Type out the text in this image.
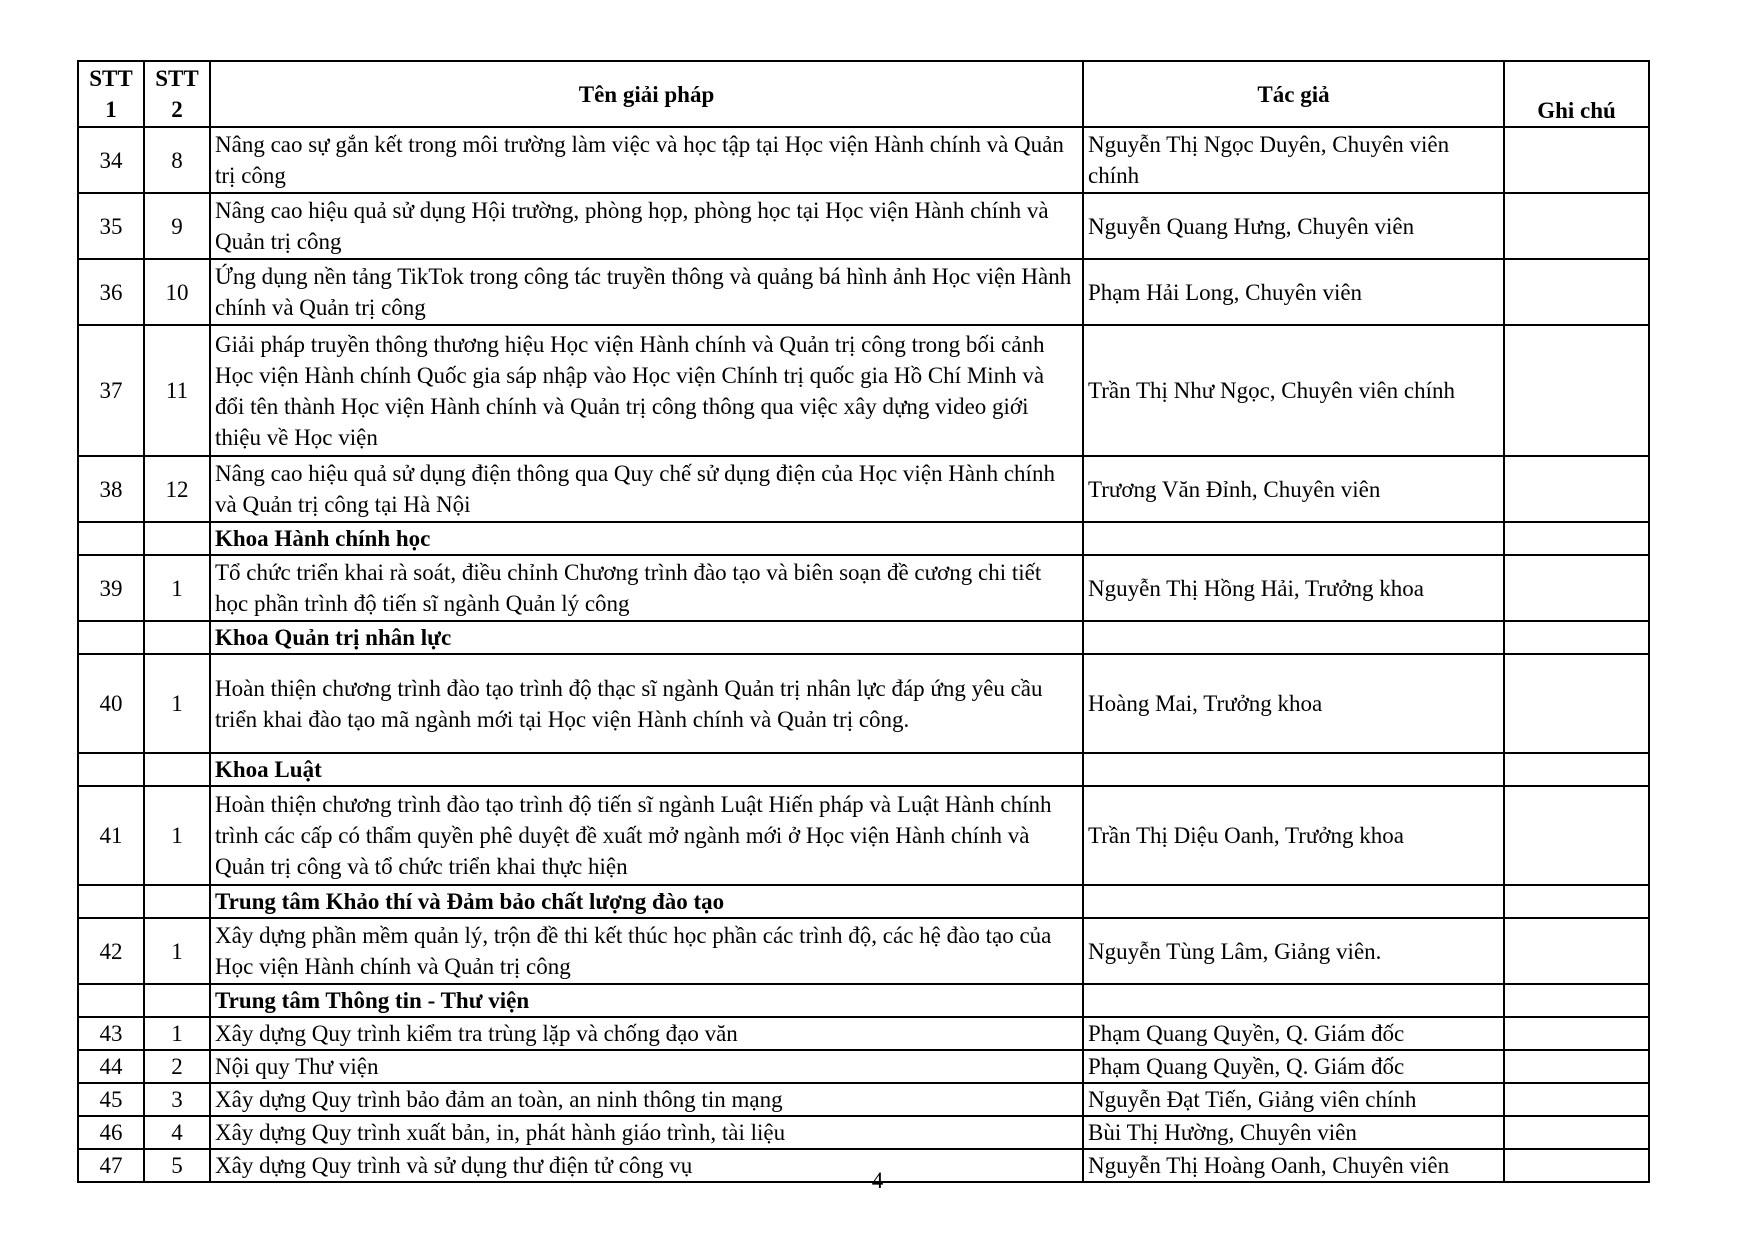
STT 1	STT 2	Tên giải pháp	Tác giả	Ghi chú
34	8	Nâng cao sự gắn kết trong môi trường làm việc và học tập tại Học viện Hành chính và Quản trị công	Nguyễn Thị Ngọc Duyên, Chuyên viên chính	
35	9	Nâng cao hiệu quả sử dụng Hội trường, phòng họp, phòng học tại Học viện Hành chính và Quản trị công	Nguyễn Quang Hưng, Chuyên viên	
36	10	Ứng dụng nền tảng TikTok trong công tác truyền thông và quảng bá hình ảnh Học viện Hành chính và Quản trị công	Phạm Hải Long, Chuyên viên	
37	11	Giải pháp truyền thông thương hiệu Học viện Hành chính và Quản trị công trong bối cảnh Học viện Hành chính Quốc gia sáp nhập vào Học viện Chính trị quốc gia Hồ Chí Minh và đổi tên thành Học viện Hành chính và Quản trị công thông qua việc xây dựng video giới thiệu về Học viện	Trần Thị Như Ngọc, Chuyên viên chính	
38	12	Nâng cao hiệu quả sử dụng điện thông qua Quy chế sử dụng điện của Học viện Hành chính và Quản trị công tại Hà Nội	Trương Văn Đỉnh, Chuyên viên	
		Khoa Hành chính học		
39	1	Tổ chức triển khai rà soát, điều chỉnh Chương trình đào tạo và biên soạn đề cương chi tiết học phần trình độ tiến sĩ ngành Quản lý công	Nguyễn Thị Hồng Hải, Trưởng khoa	
		Khoa Quản trị nhân lực		
40	1	Hoàn thiện chương trình đào tạo trình độ thạc sĩ ngành Quản trị nhân lực đáp ứng yêu cầu triển khai đào tạo mã ngành mới tại Học viện Hành chính và Quản trị công.	Hoàng Mai, Trưởng khoa	
		Khoa Luật		
41	1	Hoàn thiện chương trình đào tạo trình độ tiến sĩ ngành Luật Hiến pháp và Luật Hành chính trình các cấp có thẩm quyền phê duyệt đề xuất mở ngành mới ở Học viện Hành chính và Quản trị công và tổ chức triển khai thực hiện	Trần Thị Diệu Oanh, Trưởng khoa	
		Trung tâm Khảo thí và Đảm bảo chất lượng đào tạo		
42	1	Xây dựng phần mềm quản lý, trộn đề thi kết thúc học phần các trình độ, các hệ đào tạo của Học viện Hành chính và Quản trị công	Nguyễn Tùng Lâm, Giảng viên.	
		Trung tâm Thông tin - Thư viện		
43	1	Xây dựng Quy trình kiểm tra trùng lặp và chống đạo văn	Phạm Quang Quyền, Q. Giám đốc	
44	2	Nội quy Thư viện	Phạm Quang Quyền, Q. Giám đốc	
45	3	Xây dựng Quy trình bảo đảm an toàn, an ninh thông tin mạng	Nguyễn Đạt Tiến, Giảng viên chính	
46	4	Xây dựng Quy trình xuất bản, in, phát hành giáo trình, tài liệu	Bùi Thị Hường, Chuyên viên	
47	5	Xây dựng Quy trình và sử dụng thư điện tử công vụ	Nguyễn Thị Hoàng Oanh, Chuyên viên	
4
